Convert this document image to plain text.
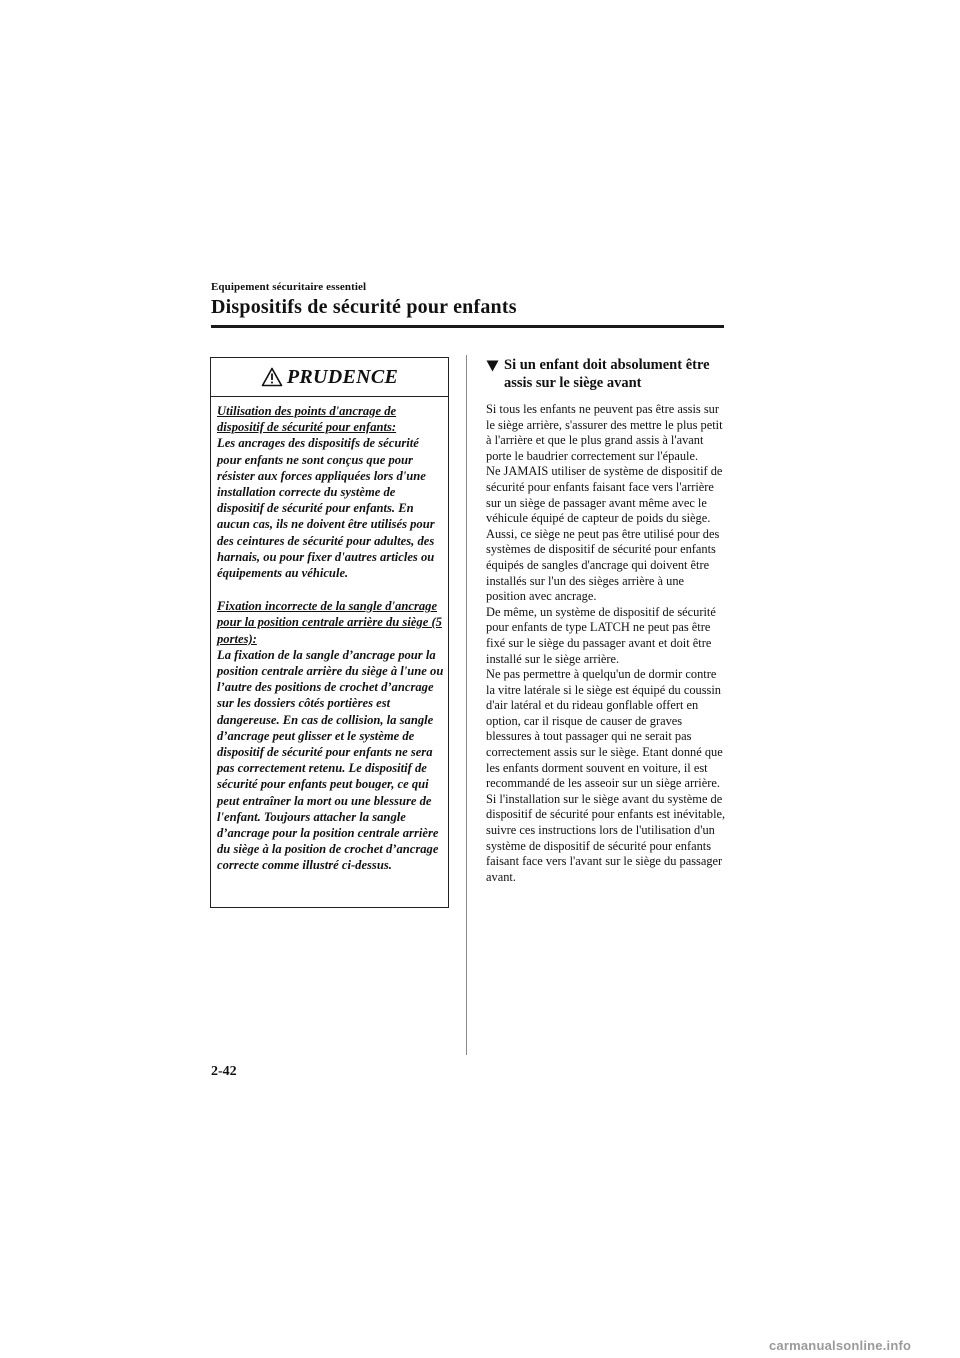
Equipement sécuritaire essentiel
Dispositifs de sécurité pour enfants
PRUDENCE

Utilisation des points d'ancrage de dispositif de sécurité pour enfants:

Les ancrages des dispositifs de sécurité pour enfants ne sont conçus que pour résister aux forces appliquées lors d'une installation correcte du système de dispositif de sécurité pour enfants. En aucun cas, ils ne doivent être utilisés pour des ceintures de sécurité pour adultes, des harnais, ou pour fixer d'autres articles ou équipements au véhicule.

Fixation incorrecte de la sangle d'ancrage pour la position centrale arrière du siège (5 portes):

La fixation de la sangle d’ancrage pour la position centrale arrière du siège à l'une ou l’autre des positions de crochet d’ancrage sur les dossiers côtés portières est dangereuse. En cas de collision, la sangle d’ancrage peut glisser et le système de dispositif de sécurité pour enfants ne sera pas correctement retenu. Le dispositif de sécurité pour enfants peut bouger, ce qui peut entraîner la mort ou une blessure de l'enfant. Toujours attacher la sangle d’ancrage pour la position centrale arrière du siège à la position de crochet d’ancrage correcte comme illustré ci-dessus.

Si un enfant doit absolument être assis sur le siège avant

Si tous les enfants ne peuvent pas être assis sur le siège arrière, s'assurer des mettre le plus petit à l'arrière et que le plus grand assis à l'avant porte le baudrier correctement sur l'épaule.

Ne JAMAIS utiliser de système de dispositif de sécurité pour enfants faisant face vers l'arrière sur un siège de passager avant même avec le véhicule équipé de capteur de poids du siège.

Aussi, ce siège ne peut pas être utilisé pour des systèmes de dispositif de sécurité pour enfants équipés de sangles d'ancrage qui doivent être installés sur l'un des sièges arrière à une position avec ancrage.

De même, un système de dispositif de sécurité pour enfants de type LATCH ne peut pas être fixé sur le siège du passager avant et doit être installé sur le siège arrière.

Ne pas permettre à quelqu'un de dormir contre la vitre latérale si le siège est équipé du coussin d'air latéral et du rideau gonflable offert en option, car il risque de causer de graves blessures à tout passager qui ne serait pas correctement assis sur le siège. Etant donné que les enfants dorment souvent en voiture, il est recommandé de les asseoir sur un siège arrière. Si l'installation sur le siège avant du système de dispositif de sécurité pour enfants est inévitable, suivre ces instructions lors de l'utilisation d'un système de dispositif de sécurité pour enfants faisant face vers l'avant sur le siège du passager avant.

2-42
carmanualsonline.info
